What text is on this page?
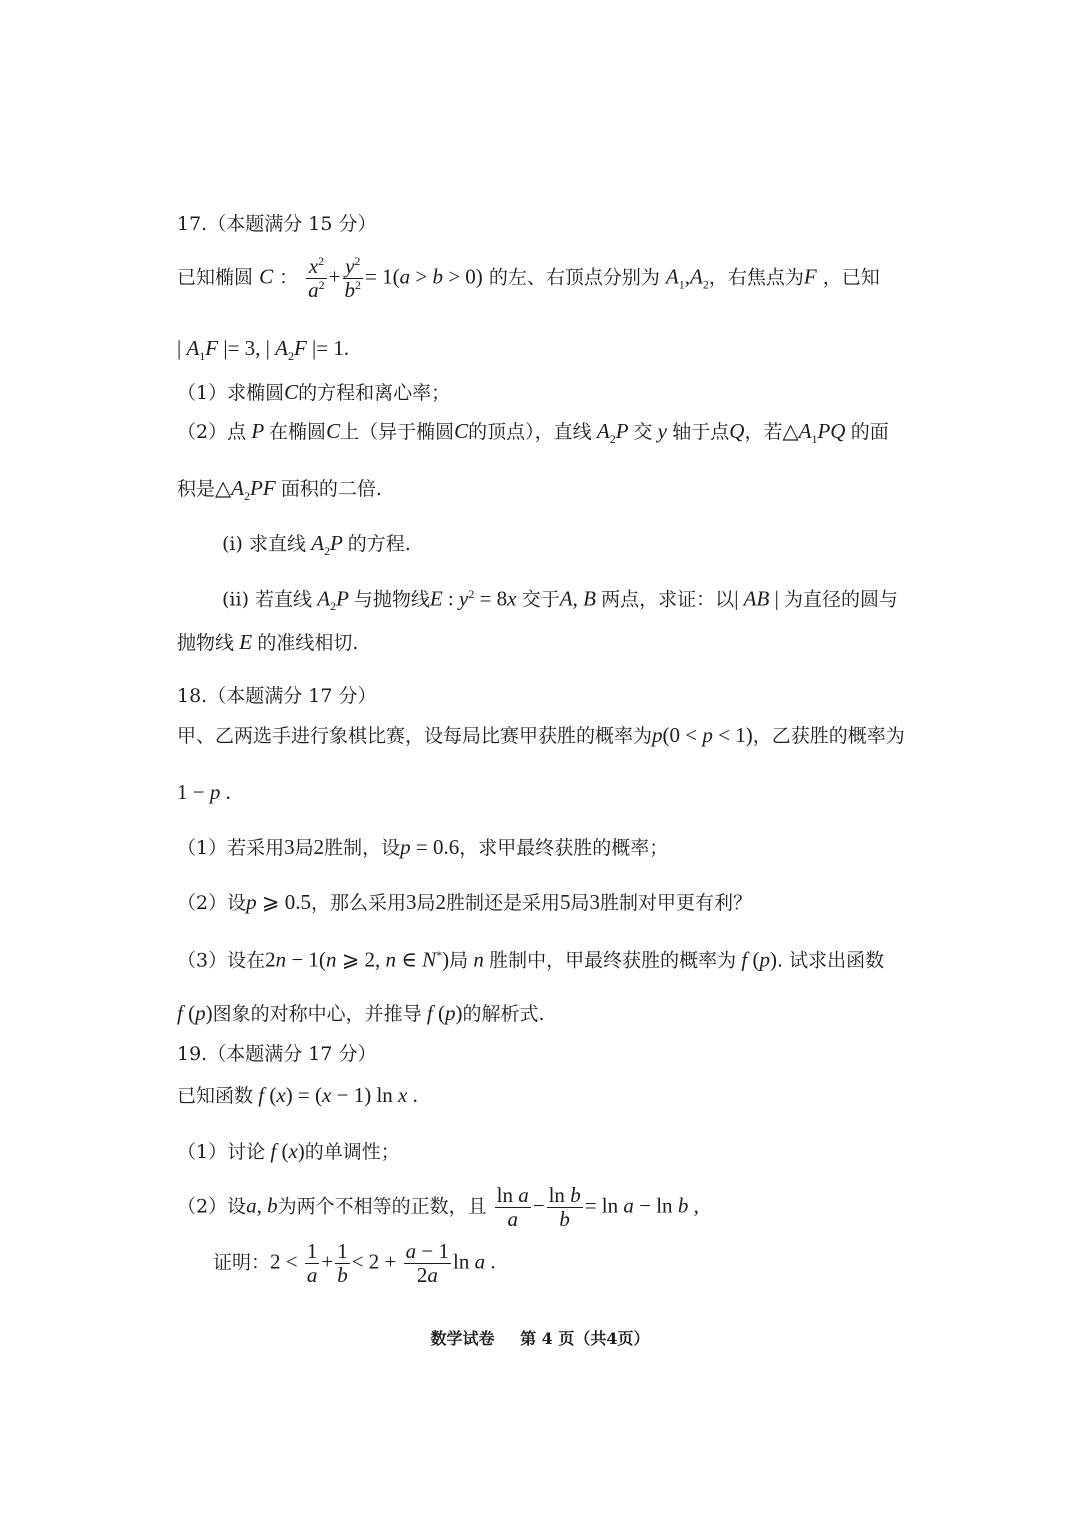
17.（本题满分 15 分）
已知椭圆 C ： $\frac{x^2}{a^2} + \frac{y^2}{b^2} = 1(a > b > 0)$ 的左、右顶点分别为 $A_1,A_2$，右焦点为F ，已知
| $A_1F$ |= 3, | $A_2F$ |= 1.
（1）求椭圆C的方程和离心率；
（2）点 P 在椭圆C上（异于椭圆C的顶点），直线 $A_2P$ 交 y 轴于点Q，若$\triangle A_1PQ$ 的面
积是$\triangle A_2PF$ 面积的二倍.
(i) 求直线 $A_2P$ 的方程.
(ii) 若直线 $A_2P$ 与抛物线E : $y^2 = 8x$ 交于A, B 两点，求证：以| AB | 为直径的圆与
抛物线 E 的准线相切.
18.（本题满分 17 分）
甲、乙两选手进行象棋比赛，设每局比赛甲获胜的概率为p(0 < p < 1)，乙获胜的概率为
1 − p .
（1）若采用3局2胜制，设p = 0.6，求甲最终获胜的概率；
（2）设p ⩾ 0.5，那么采用3局2胜制还是采用5局3胜制对甲更有利？
（3）设在2n − 1(n ⩾ 2, n ∈ N*)局 n 胜制中，甲最终获胜的概率为 f (p). 试求出函数
f (p)图象的对称中心，并推导 f (p)的解析式.
19.（本题满分 17 分）
已知函数 f (x) = (x − 1) ln x .
（1）讨论 f (x)的单调性；
（2）设a, b为两个不相等的正数，且 $\frac{\text{ln a}}{a} - \frac{\text{ln b}}{b} = \ln a - \ln b$ ,
证明：$2 < \frac{1}{a} + \frac{1}{b} < 2 + \frac{a - 1}{2a}$ ln a .
数学试卷 第 4 页（共4页）
